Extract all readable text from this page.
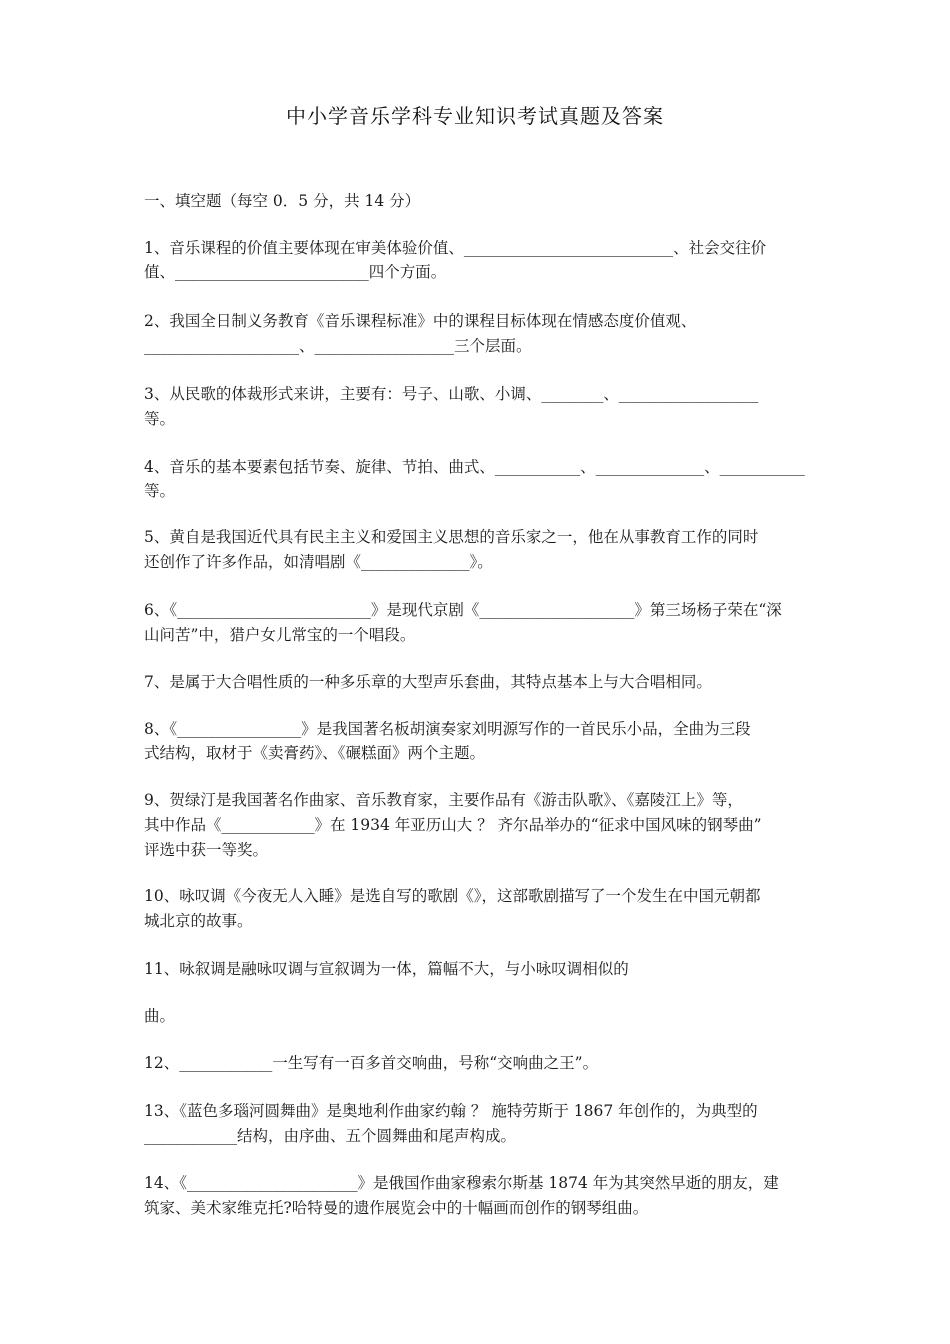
中小学音乐学科专业知识考试真题及答案
一、填空题（每空 0．5 分，共 14 分）
1、音乐课程的价值主要体现在审美体验价值、___________________________、社会交往价
值、_________________________四个方面。
2、我国全日制义务教育《音乐课程标准》中的课程目标体现在情感态度价值观、
____________________、__________________三个层面。
3、从民歌的体裁形式来讲，主要有：号子、山歌、小调、________、__________________
等。
4、音乐的基本要素包括节奏、旋律、节拍、曲式、___________、______________、___________
等。
5、黄自是我国近代具有民主主义和爱国主义思想的音乐家之一，他在从事教育工作的同时
还创作了许多作品，如清唱剧《______________》。
6、《_________________________》是现代京剧《____________________》第三场杨子荣在“深
山问苦”中，猎户女儿常宝的一个唱段。
7、是属于大合唱性质的一种多乐章的大型声乐套曲，其特点基本上与大合唱相同。
8、《________________》是我国著名板胡演奏家刘明源写作的一首民乐小品，全曲为三段
式结构，取材于《卖膏药》、《碾糕面》两个主题。
9、贺绿汀是我国著名作曲家、音乐教育家，主要作品有《游击队歌》、《嘉陵江上》等，
其中作品《____________》在 1934 年亚历山大 ？ 齐尔品举办的“征求中国风味的钢琴曲”
评选中获一等奖。
10、咏叹调《今夜无人入睡》是选自写的歌剧《》，这部歌剧描写了一个发生在中国元朝都
城北京的故事。
11、咏叙调是融咏叹调与宣叙调为一体，篇幅不大，与小咏叹调相似的
曲。
12、____________一生写有一百多首交响曲，号称“交响曲之王”。
13、《蓝色多瑙河圆舞曲》是奥地利作曲家约翰 ？ 施特劳斯于 1867 年创作的，为典型的
____________结构，由序曲、五个圆舞曲和尾声构成。
14、《______________________》是俄国作曲家穆索尔斯基 1874 年为其突然早逝的朋友，建
筑家、美术家维克托?哈特曼的遗作展览会中的十幅画而创作的钢琴组曲。
